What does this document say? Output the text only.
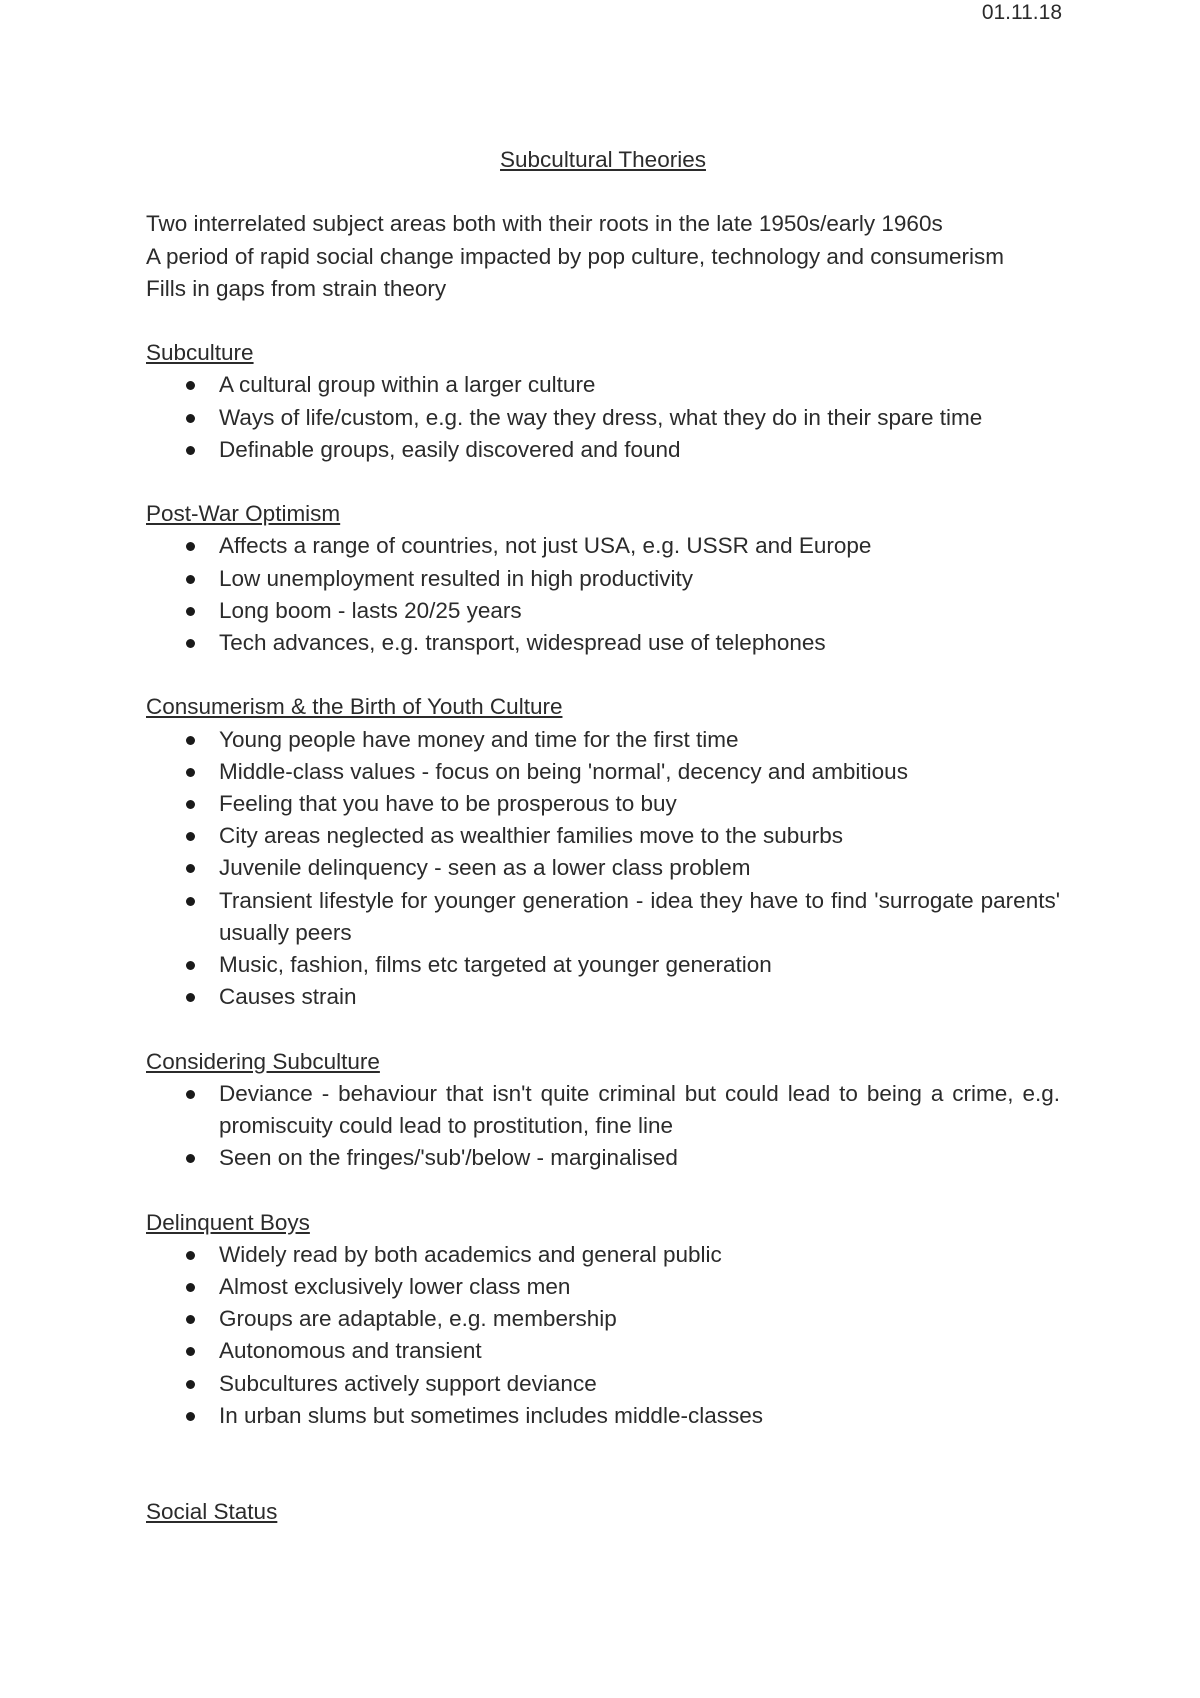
01.11.18

Subcultural Theories

Two interrelated subject areas both with their roots in the late 1950s/early 1960s

A period of rapid social change impacted by pop culture, technology and consumerism

Fills in gaps from strain theory

Subculture
A cultural group within a larger culture
Ways of life/custom, e.g. the way they dress, what they do in their spare time
Definable groups, easily discovered and found
Post-War Optimism
Affects a range of countries, not just USA, e.g. USSR and Europe
Low unemployment resulted in high productivity
Long boom - lasts 20/25 years
Tech advances, e.g. transport, widespread use of telephones
Consumerism & the Birth of Youth Culture
Young people have money and time for the first time
Middle-class values - focus on being 'normal', decency and ambitious
Feeling that you have to be prosperous to buy
City areas neglected as wealthier families move to the suburbs
Juvenile delinquency - seen as a lower class problem
Transient lifestyle for younger generation - idea they have to find 'surrogate parents' usually peers
Music, fashion, films etc targeted at younger generation
Causes strain
Considering Subculture
Deviance - behaviour that isn't quite criminal but could lead to being a crime, e.g. promiscuity could lead to prostitution, fine line
Seen on the fringes/'sub'/below - marginalised
Delinquent Boys
Widely read by both academics and general public
Almost exclusively lower class men
Groups are adaptable, e.g. membership
Autonomous and transient
Subcultures actively support deviance
In urban slums but sometimes includes middle-classes
Social Status
